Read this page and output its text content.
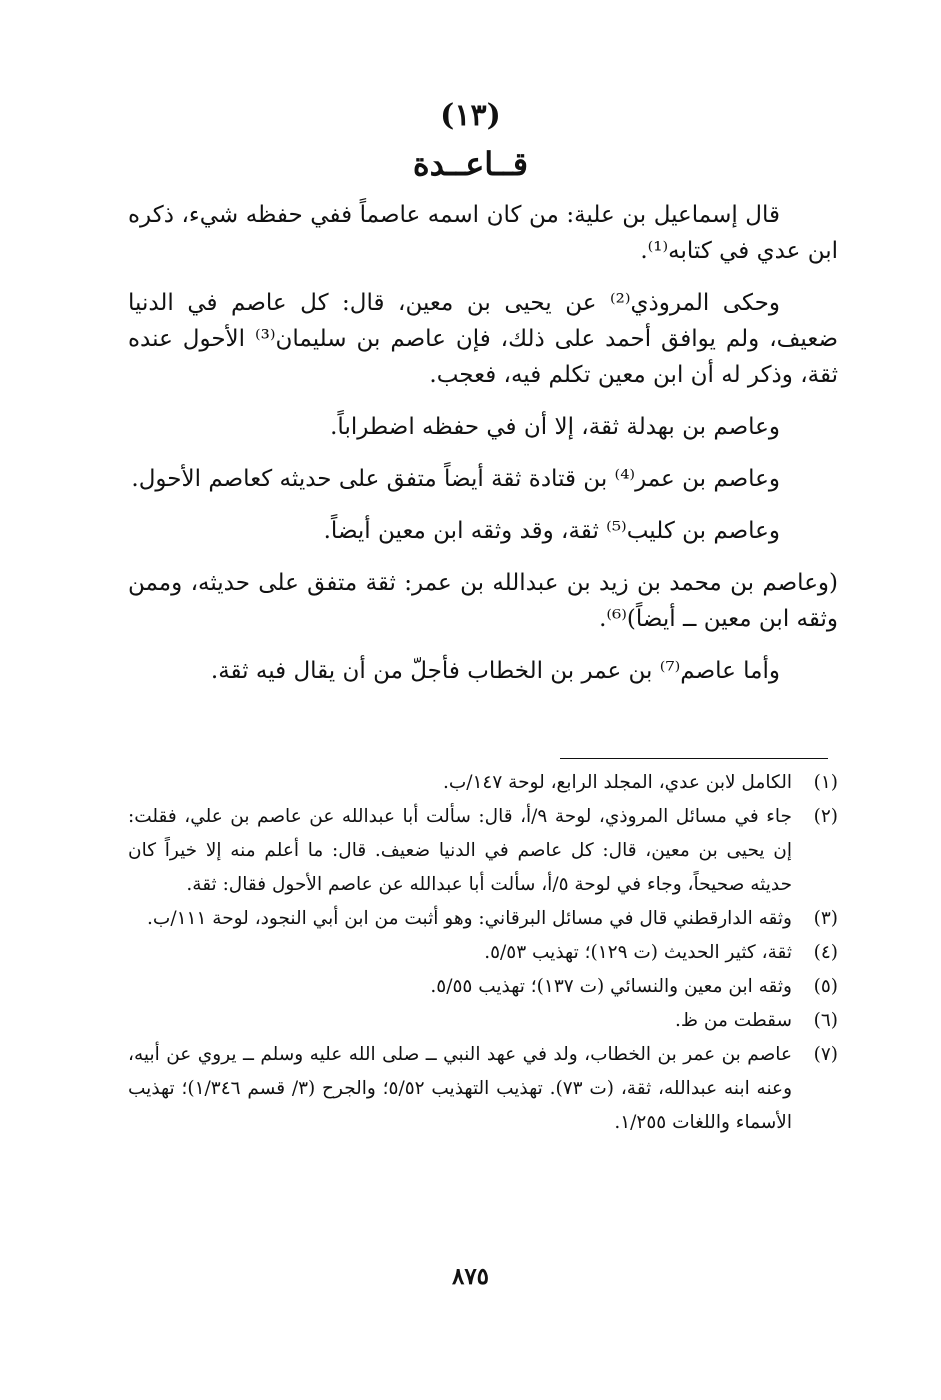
(١٣)
قــاعــدة

قال إسماعيل بن علية: من كان اسمه عاصماً ففي حفظه شيء، ذكره ابن عدي في كتابه⁽¹⁾.

وحكى المروذي⁽²⁾ عن يحيى بن معين، قال: كل عاصم في الدنيا ضعيف، ولم يوافق أحمد على ذلك، فإن عاصم بن سليمان⁽³⁾ الأحول عنده ثقة، وذكر له أن ابن معين تكلم فيه، فعجب.

وعاصم بن بهدلة ثقة، إلا أن في حفظه اضطراباً.

وعاصم بن عمر⁽⁴⁾ بن قتادة ثقة أيضاً متفق على حديثه كعاصم الأحول.

وعاصم بن كليب⁽⁵⁾ ثقة، وقد وثقه ابن معين أيضاً.

(وعاصم بن محمد بن زيد بن عبدالله بن عمر: ثقة متفق على حديثه، وممن وثقه ابن معين ــ أيضاً)⁽⁶⁾.

وأما عاصم⁽⁷⁾ بن عمر بن الخطاب فأجلّ من أن يقال فيه ثقة.

(١)
الكامل لابن عدي، المجلد الرابع، لوحة ١٤٧/ب.
(٢)
جاء في مسائل المروذي، لوحة ٩/أ، قال: سألت أبا عبدالله عن عاصم بن علي، فقلت: إن يحيى بن معين، قال: كل عاصم في الدنيا ضعيف. قال: ما أعلم منه إلا خيراً كان حديثه صحيحاً، وجاء في لوحة ٥/أ، سألت أبا عبدالله عن عاصم الأحول فقال: ثقة.
(٣)
وثقه الدارقطني قال في مسائل البرقاني: وهو أثبت من ابن أبي النجود، لوحة ١١١/ب.
(٤)
ثقة، كثير الحديث (ت ١٢٩)؛ تهذيب ٥/٥٣.
(٥)
وثقه ابن معين والنسائي (ت ١٣٧)؛ تهذيب ٥/٥٥.
(٦)
سقطت من ظ.
(٧)
عاصم بن عمر بن الخطاب، ولد في عهد النبي ــ صلى الله عليه وسلم ــ يروي عن أبيه، وعنه ابنه عبدالله، ثقة، (ت ٧٣). تهذيب التهذيب ٥/٥٢؛ والجرح (٣/ قسم ١/٣٤٦)؛ تهذيب الأسماء واللغات ١/٢٥٥.
٨٧٥
